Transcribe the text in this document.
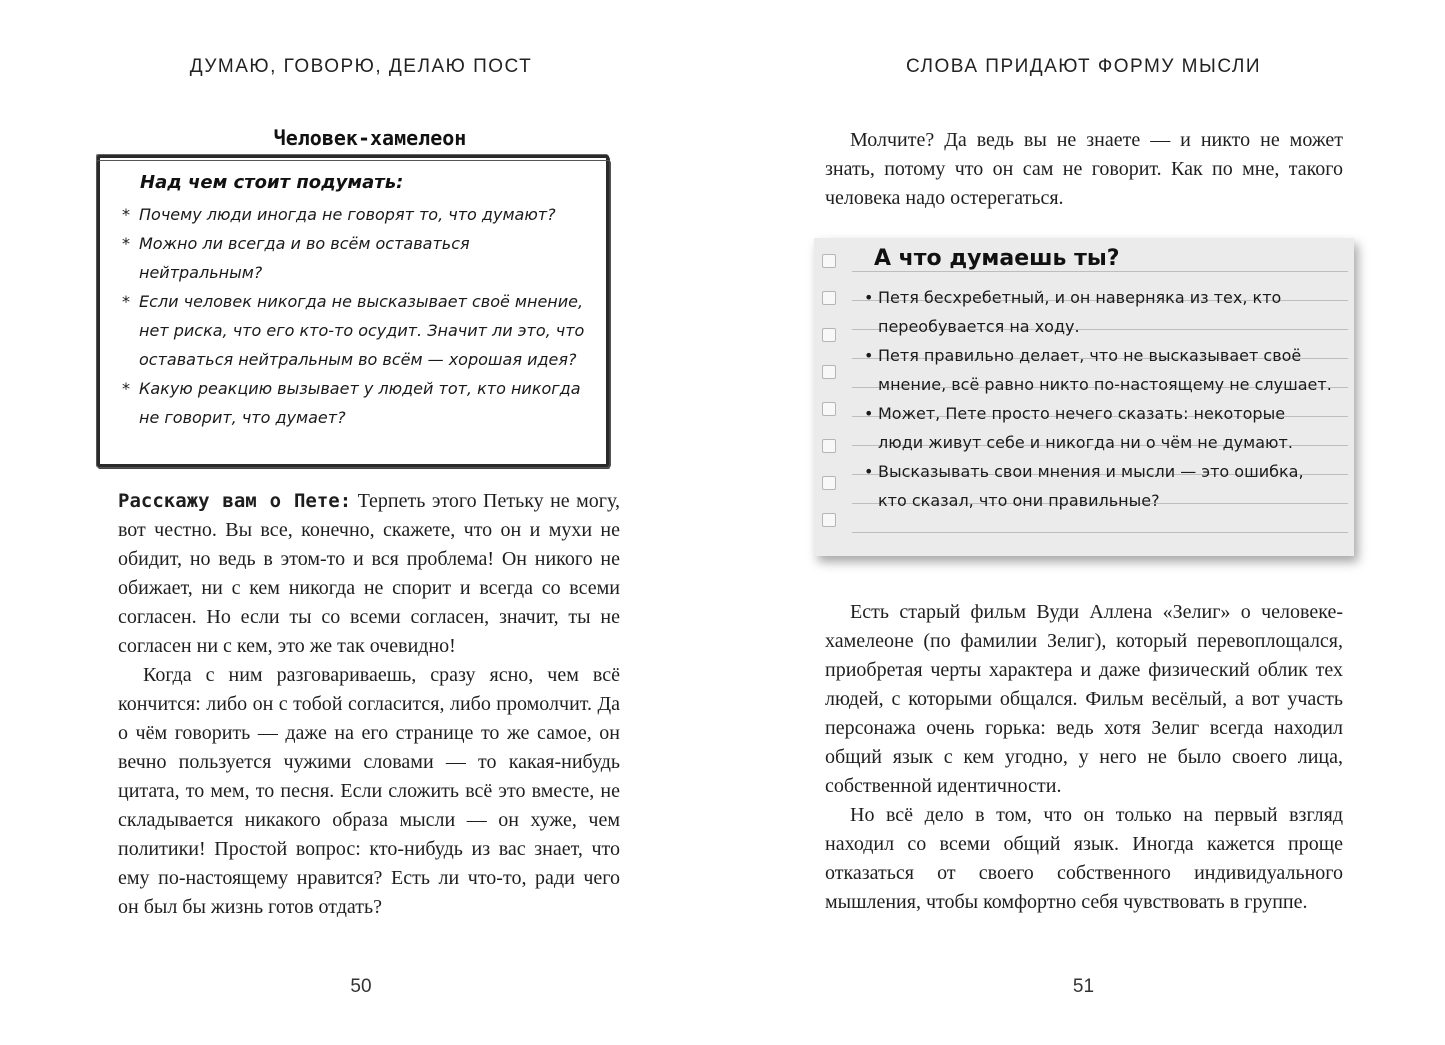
ДУМАЮ, ГОВОРЮ, ДЕЛАЮ ПОСТ
Человек-хамелеон
Над чем стоит подумать:
* Почему люди иногда не говорят то, что думают?
* Можно ли всегда и во всём оставаться нейтральным?
* Если человек никогда не высказывает своё мнение, нет риска, что его кто-то осудит. Значит ли это, что оставаться нейтральным во всём — хорошая идея?
* Какую реакцию вызывает у людей тот, кто никогда не говорит, что думает?

Расскажу вам о Пете: Терпеть этого Петьку не могу, вот честно. Вы все, конечно, скажете, что он и мухи не обидит, но ведь в этом-то и вся проблема! Он никого не обижает, ни с кем никогда не спорит и всегда со всеми согласен. Но если ты со всеми согласен, значит, ты не согласен ни с кем, это же так очевидно!

Когда с ним разговариваешь, сразу ясно, чем всё кончится: либо он с тобой согласится, либо промолчит. Да о чём говорить — даже на его странице то же самое, он вечно пользуется чужими словами — то какая-нибудь цитата, то мем, то песня. Если сложить всё это вместе, не складывается никакого образа мысли — он хуже, чем политики! Простой вопрос: кто-нибудь из вас знает, что ему по-настоящему нравится? Есть ли что-то, ради чего он был бы жизнь готов отдать?

50
СЛОВА ПРИДАЮТ ФОРМУ МЫСЛИ

Молчите? Да ведь вы не знаете — и никто не может знать, потому что он сам не говорит. Как по мне, такого человека надо остерегаться.

А что думаешь ты?
• Петя бесхребетный, и он наверняка из тех, кто переобувается на ходу.
• Петя правильно делает, что не высказывает своё мнение, всё равно никто по-настоящему не слушает.
• Может, Пете просто нечего сказать: некоторые люди живут себе и никогда ни о чём не думают.
• Высказывать свои мнения и мысли — это ошибка, кто сказал, что они правильные?

Есть старый фильм Вуди Аллена «Зелиг» о человеке-хамелеоне (по фамилии Зелиг), который перевоплощался, приобретая черты характера и даже физический облик тех людей, с которыми общался. Фильм весёлый, а вот участь персонажа очень горька: ведь хотя Зелиг всегда находил общий язык с кем угодно, у него не было своего лица, собственной идентичности.

Но всё дело в том, что он только на первый взгляд находил со всеми общий язык. Иногда кажется проще отказаться от своего собственного индивидуального мышления, чтобы комфортно себя чувствовать в группе.

51
